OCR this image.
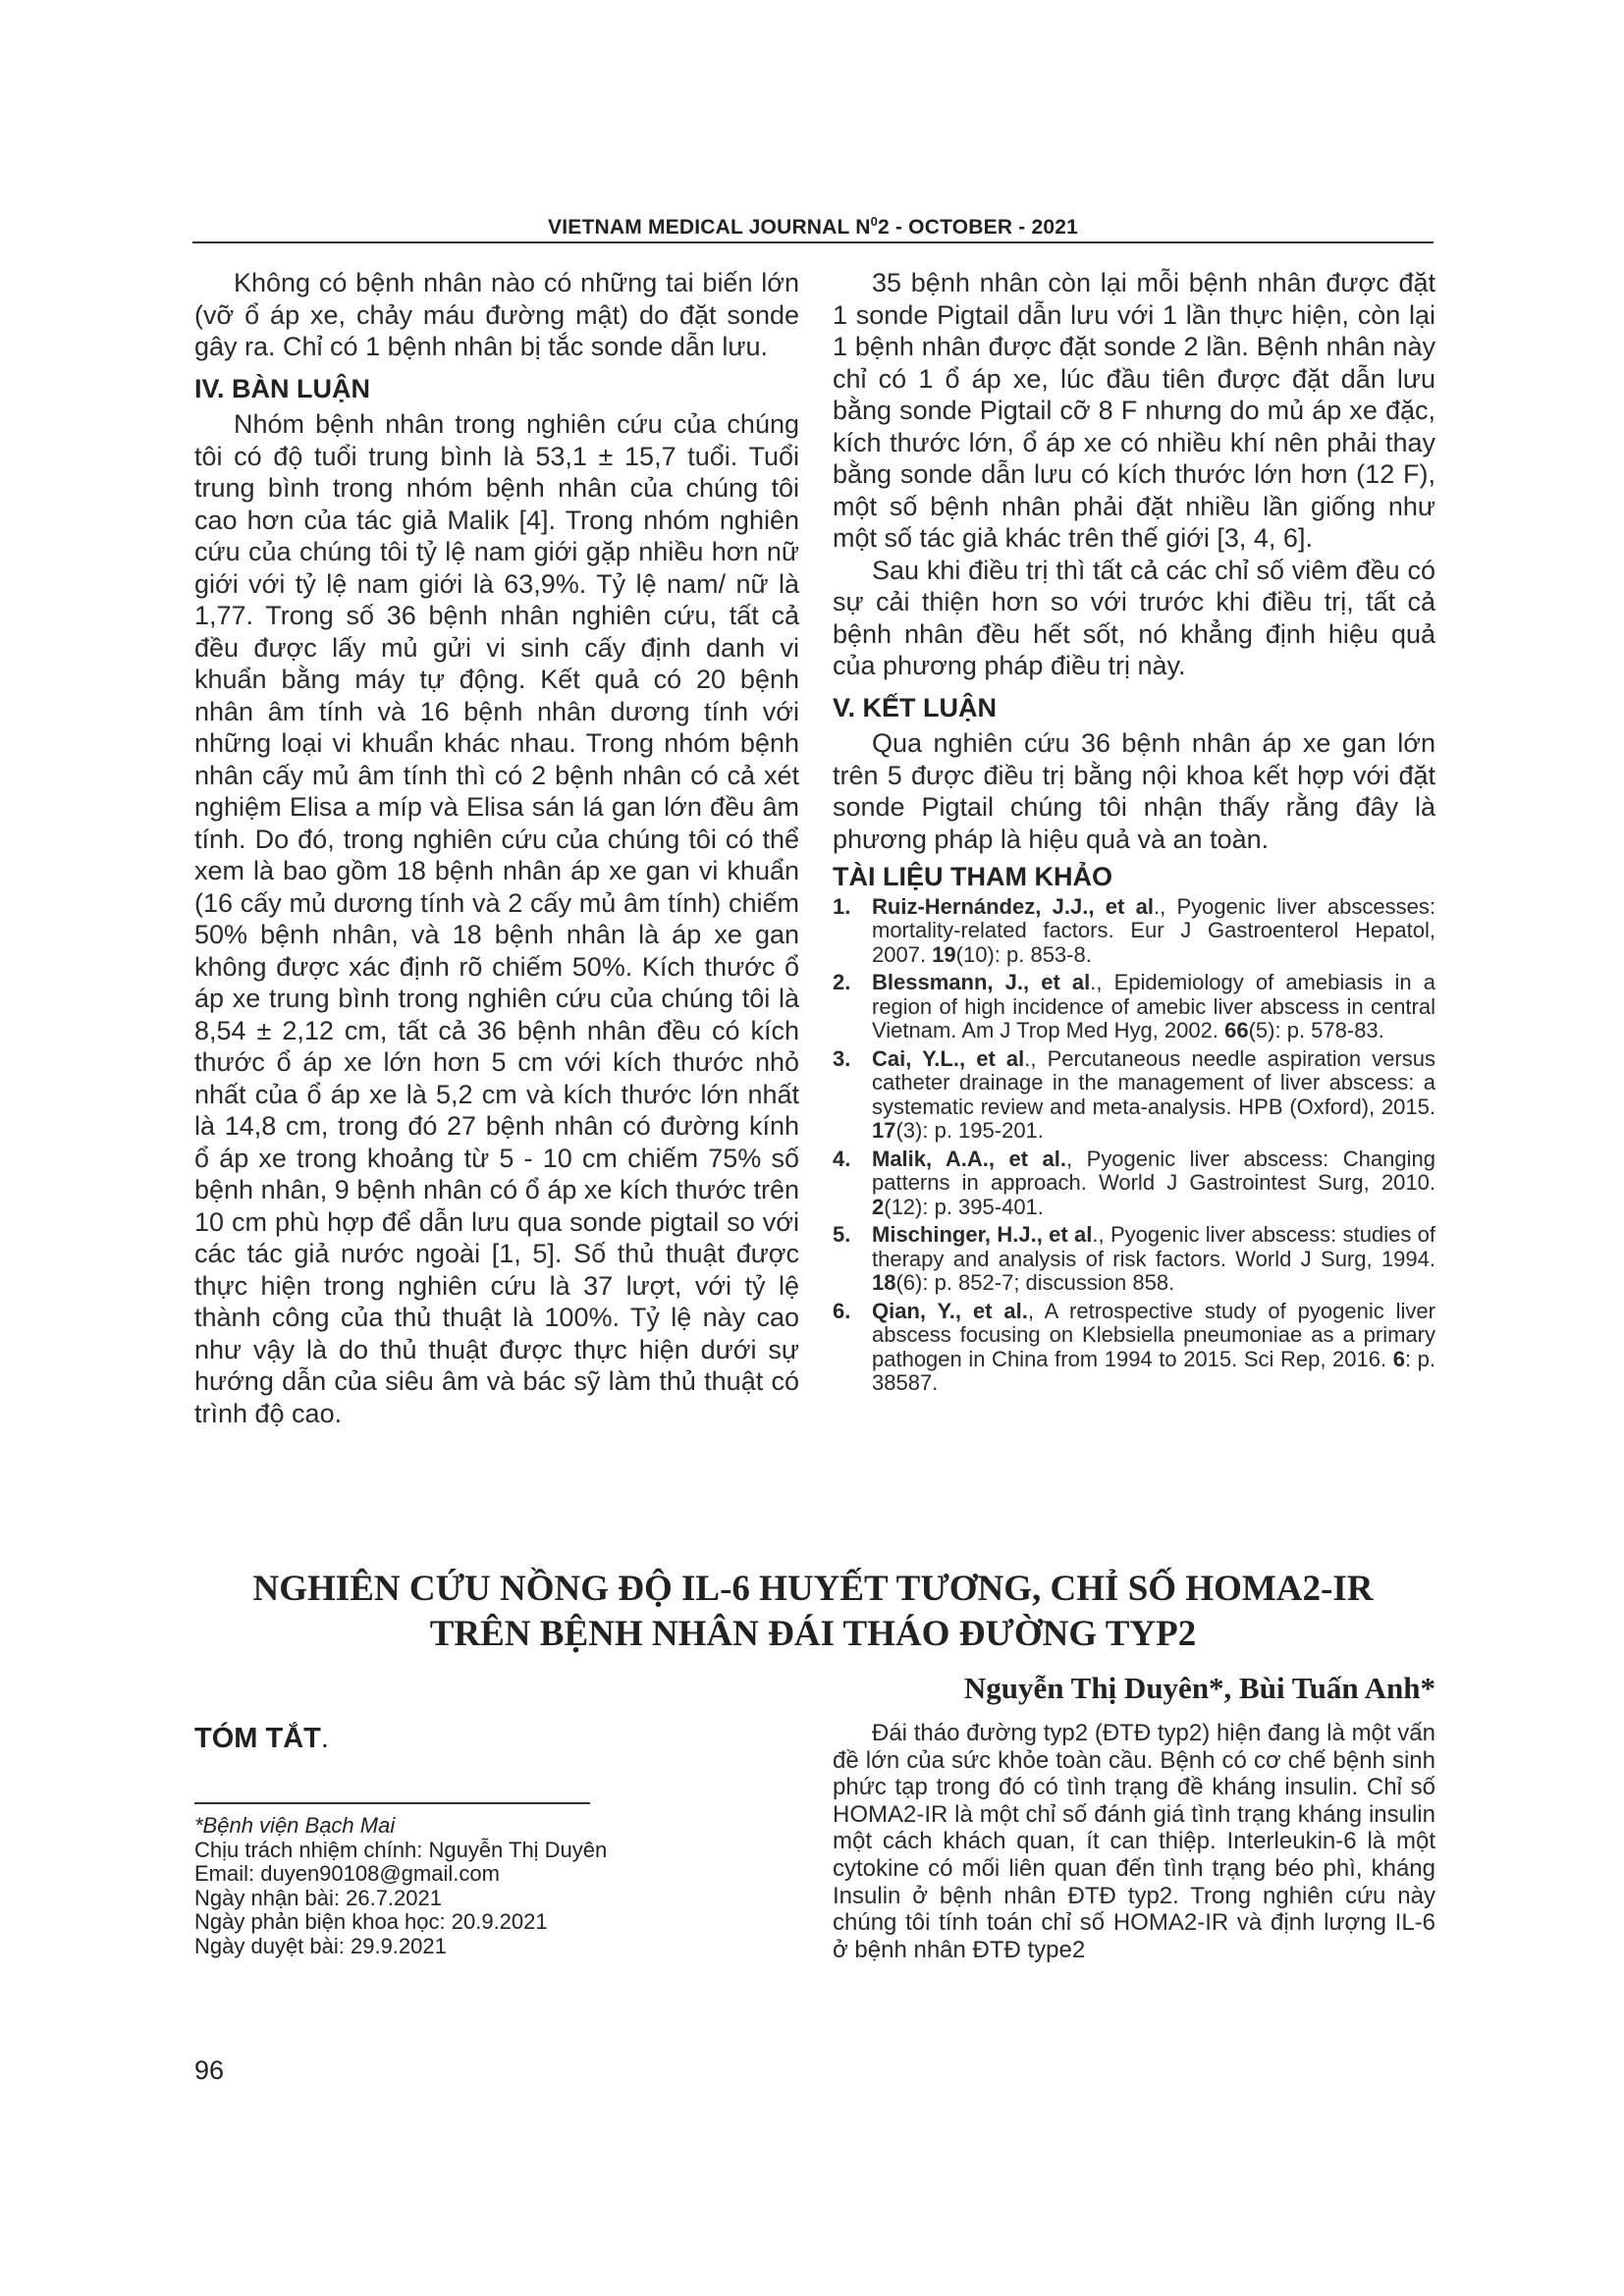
VIETNAM MEDICAL JOURNAL $N^02$ - OCTOBER - 2021

Không có bệnh nhân nào có những tai biến lớn (vỡ ổ áp xe, chảy máu đường mật) do đặt sonde gây ra. Chỉ có 1 bệnh nhân bị tắc sonde dẫn lưu.

IV. BÀN LUẬN

Nhóm bệnh nhân trong nghiên cứu của chúng tôi có độ tuổi trung bình là 53,1 ± 15,7 tuổi. Tuổi trung bình trong nhóm bệnh nhân của chúng tôi cao hơn của tác giả Malik [4]. Trong nhóm nghiên cứu của chúng tôi tỷ lệ nam giới gặp nhiều hơn nữ giới với tỷ lệ nam giới là 63,9%. Tỷ lệ nam/ nữ là 1,77. Trong số 36 bệnh nhân nghiên cứu, tất cả đều được lấy mủ gửi vi sinh cấy định danh vi khuẩn bằng máy tự động. Kết quả có 20 bệnh nhân âm tính và 16 bệnh nhân dương tính với những loại vi khuẩn khác nhau. Trong nhóm bệnh nhân cấy mủ âm tính thì có 2 bệnh nhân có cả xét nghiệm Elisa a míp và Elisa sán lá gan lớn đều âm tính. Do đó, trong nghiên cứu của chúng tôi có thể xem là bao gồm 18 bệnh nhân áp xe gan vi khuẩn (16 cấy mủ dương tính và 2 cấy mủ âm tính) chiếm 50% bệnh nhân, và 18 bệnh nhân là áp xe gan không được xác định rõ chiếm 50%. Kích thước ổ áp xe trung bình trong nghiên cứu của chúng tôi là 8,54 ± 2,12 cm, tất cả 36 bệnh nhân đều có kích thước ổ áp xe lớn hơn 5 cm với kích thước nhỏ nhất của ổ áp xe là 5,2 cm và kích thước lớn nhất là 14,8 cm, trong đó 27 bệnh nhân có đường kính ổ áp xe trong khoảng từ 5 - 10 cm chiếm 75% số bệnh nhân, 9 bệnh nhân có ổ áp xe kích thước trên 10 cm phù hợp để dẫn lưu qua sonde pigtail so với các tác giả nước ngoài [1, 5]. Số thủ thuật được thực hiện trong nghiên cứu là 37 lượt, với tỷ lệ thành công của thủ thuật là 100%. Tỷ lệ này cao như vậy là do thủ thuật được thực hiện dưới sự hướng dẫn của siêu âm và bác sỹ làm thủ thuật có trình độ cao.

35 bệnh nhân còn lại mỗi bệnh nhân được đặt 1 sonde Pigtail dẫn lưu với 1 lần thực hiện, còn lại 1 bệnh nhân được đặt sonde 2 lần. Bệnh nhân này chỉ có 1 ổ áp xe, lúc đầu tiên được đặt dẫn lưu bằng sonde Pigtail cỡ 8 F nhưng do mủ áp xe đặc, kích thước lớn, ổ áp xe có nhiều khí nên phải thay bằng sonde dẫn lưu có kích thước lớn hơn (12 F), một số bệnh nhân phải đặt nhiều lần giống như một số tác giả khác trên thế giới [3, 4, 6].

Sau khi điều trị thì tất cả các chỉ số viêm đều có sự cải thiện hơn so với trước khi điều trị, tất cả bệnh nhân đều hết sốt, nó khẳng định hiệu quả của phương pháp điều trị này.

V. KẾT LUẬN

Qua nghiên cứu 36 bệnh nhân áp xe gan lớn trên 5 được điều trị bằng nội khoa kết hợp với đặt sonde Pigtail chúng tôi nhận thấy rằng đây là phương pháp là hiệu quả và an toàn.

TÀI LIỆU THAM KHẢO
1. Ruiz-Hernández, J.J., et al., Pyogenic liver abscesses: mortality-related factors. Eur J Gastroenterol Hepatol, 2007. 19(10): p. 853-8.
2. Blessmann, J., et al., Epidemiology of amebiasis in a region of high incidence of amebic liver abscess in central Vietnam. Am J Trop Med Hyg, 2002. 66(5): p. 578-83.
3. Cai, Y.L., et al., Percutaneous needle aspiration versus catheter drainage in the management of liver abscess: a systematic review and meta-analysis. HPB (Oxford), 2015. 17(3): p. 195-201.
4. Malik, A.A., et al., Pyogenic liver abscess: Changing patterns in approach. World J Gastrointest Surg, 2010. 2(12): p. 395-401.
5. Mischinger, H.J., et al., Pyogenic liver abscess: studies of therapy and analysis of risk factors. World J Surg, 1994. 18(6): p. 852-7; discussion 858.
6. Qian, Y., et al., A retrospective study of pyogenic liver abscess focusing on Klebsiella pneumoniae as a primary pathogen in China from 1994 to 2015. Sci Rep, 2016. 6: p. 38587.
NGHIÊN CỨU NỒNG ĐỘ IL-6 HUYẾT TƯƠNG, CHỈ SỐ HOMA2-IR
TRÊN BỆNH NHÂN ĐÁI THÁO ĐƯỜNG TYP2
Nguyễn Thị Duyên*, Bùi Tuấn Anh*
TÓM TẮT.
*Bệnh viện Bạch Mai
Chịu trách nhiệm chính: Nguyễn Thị Duyên
Email: duyen90108@gmail.com
Ngày nhận bài: 26.7.2021
Ngày phản biện khoa học: 20.9.2021
Ngày duyệt bài: 29.9.2021
Đái tháo đường typ2 (ĐTĐ typ2) hiện đang là một vấn đề lớn của sức khỏe toàn cầu. Bệnh có cơ chế bệnh sinh phức tạp trong đó có tình trạng đề kháng insulin. Chỉ số HOMA2-IR là một chỉ số đánh giá tình trạng kháng insulin một cách khách quan, ít can thiệp. Interleukin-6 là một cytokine có mối liên quan đến tình trạng béo phì, kháng Insulin ở bệnh nhân ĐTĐ typ2. Trong nghiên cứu này chúng tôi tính toán chỉ số HOMA2-IR và định lượng IL-6 ở bệnh nhân ĐTĐ type2
96
